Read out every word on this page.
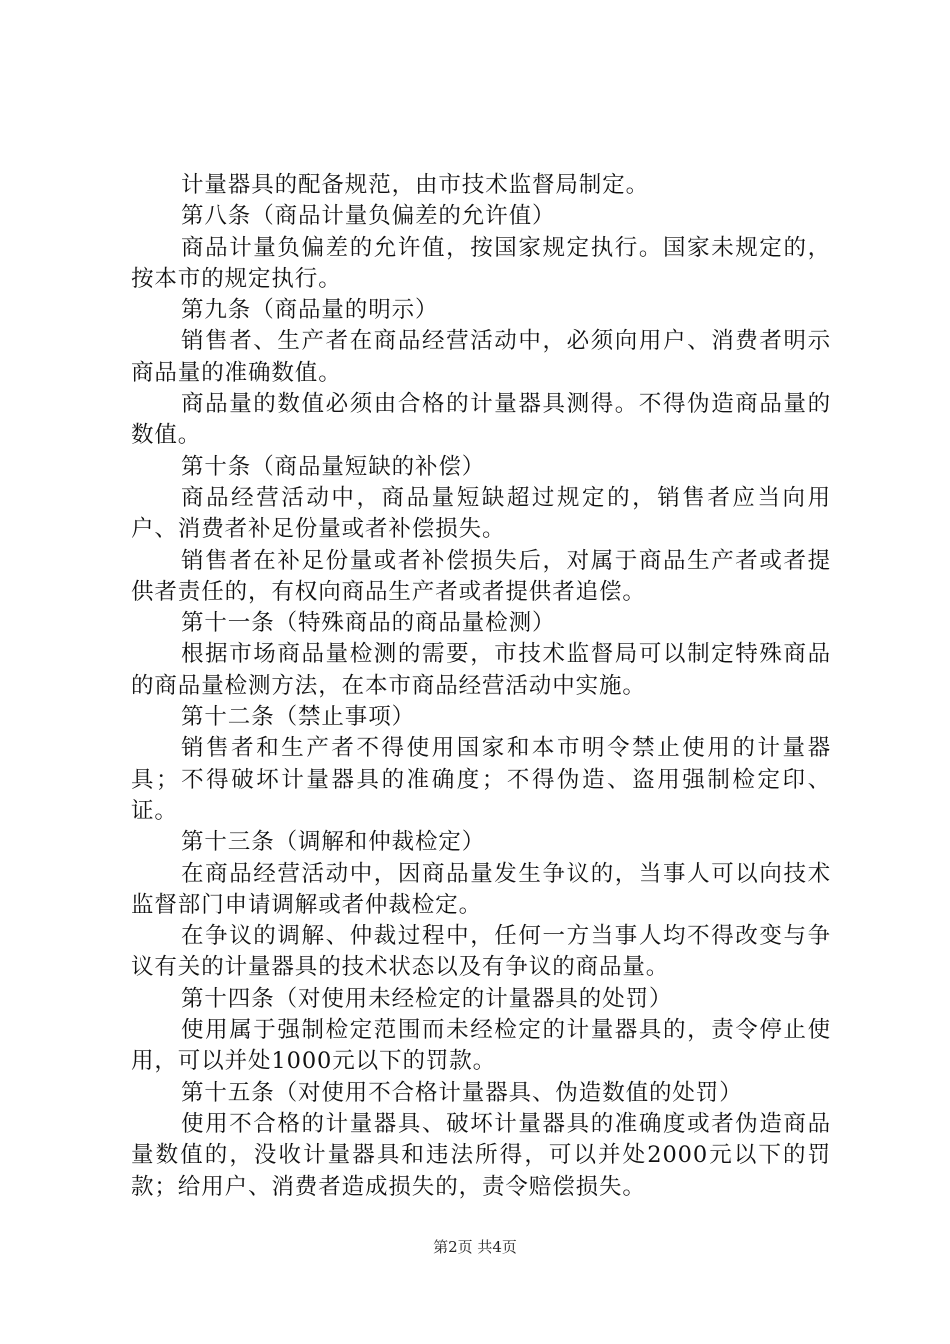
计量器具的配备规范，由市技术监督局制定。

第八条（商品计量负偏差的允许值）

商品计量负偏差的允许值，按国家规定执行。国家未规定的，按本市的规定执行。

第九条（商品量的明示）

销售者、生产者在商品经营活动中，必须向用户、消费者明示商品量的准确数值。

商品量的数值必须由合格的计量器具测得。不得伪造商品量的数值。

第十条（商品量短缺的补偿）

商品经营活动中，商品量短缺超过规定的，销售者应当向用户、消费者补足份量或者补偿损失。

销售者在补足份量或者补偿损失后，对属于商品生产者或者提供者责任的，有权向商品生产者或者提供者追偿。

第十一条（特殊商品的商品量检测）

根据市场商品量检测的需要，市技术监督局可以制定特殊商品的商品量检测方法，在本市商品经营活动中实施。

第十二条（禁止事项）

销售者和生产者不得使用国家和本市明令禁止使用的计量器具；不得破坏计量器具的准确度；不得伪造、盗用强制检定印、证。

第十三条（调解和仲裁检定）

在商品经营活动中，因商品量发生争议的，当事人可以向技术监督部门申请调解或者仲裁检定。

在争议的调解、仲裁过程中，任何一方当事人均不得改变与争议有关的计量器具的技术状态以及有争议的商品量。

第十四条（对使用未经检定的计量器具的处罚）

使用属于强制检定范围而未经检定的计量器具的，责令停止使用，可以并处1000元以下的罚款。

第十五条（对使用不合格计量器具、伪造数值的处罚）

使用不合格的计量器具、破坏计量器具的准确度或者伪造商品量数值的，没收计量器具和违法所得，可以并处2000元以下的罚款；给用户、消费者造成损失的，责令赔偿损失。

第2页 共4页
